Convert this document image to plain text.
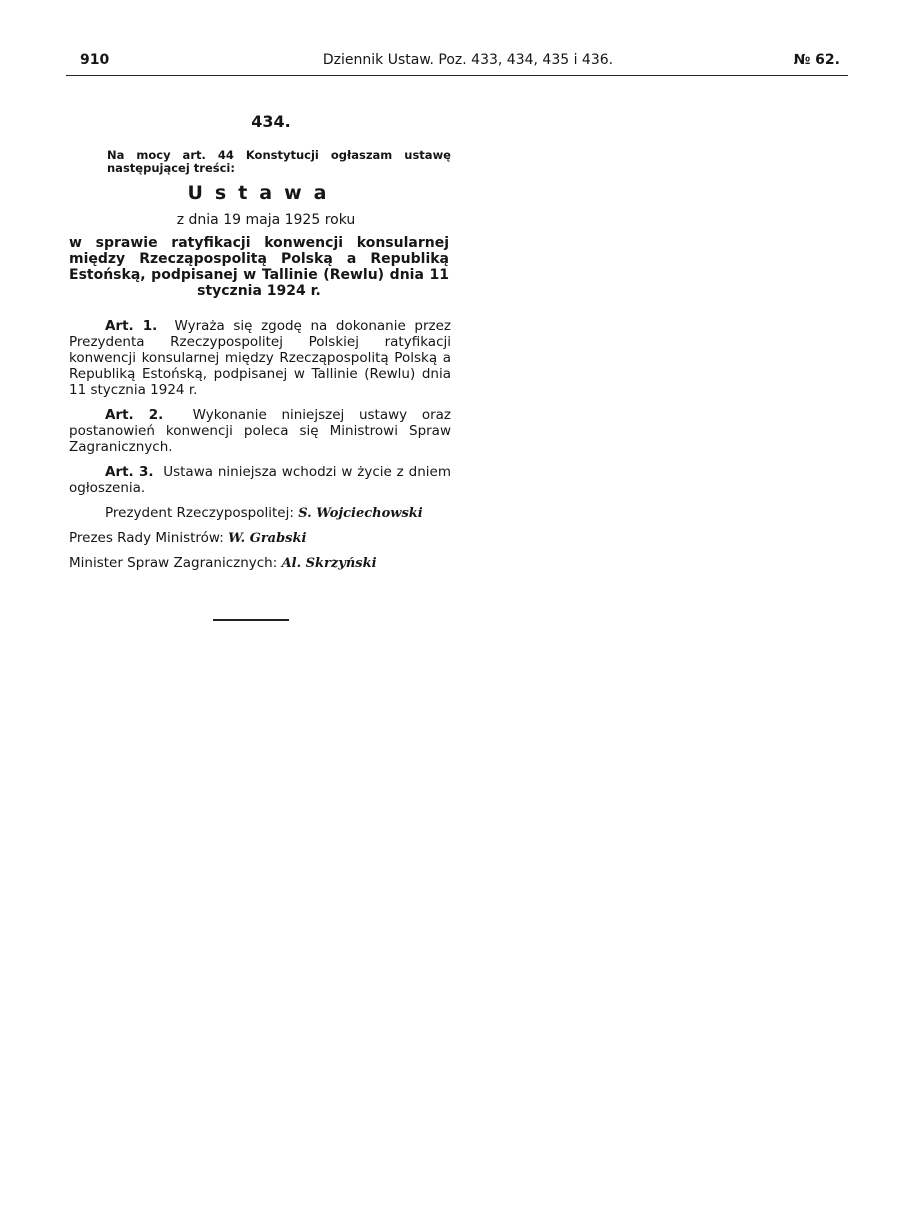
910	Dziennik Ustaw. Poz. 433, 434, 435 i 436.	№ 62.
434.
Na mocy art. 44 Konstytucji ogłaszam ustawę następującej treści:
Ustawa
z dnia 19 maja 1925 roku
w sprawie ratyfikacji konwencji konsularnej między Rzecząpospolitą Polską a Republiką Estońską, podpisanej w Tallinie (Rewlu) dnia 11 stycznia 1924 r.
Art. 1. Wyraża się zgodę na dokonanie przez Prezydenta Rzeczypospolitej Polskiej ratyfikacji konwencji konsularnej między Rzecząpospolitą Polską a Republiką Estońską, podpisanej w Tallinie (Rewlu) dnia 11 stycznia 1924 r.
Art. 2. Wykonanie niniejszej ustawy oraz postanowień konwencji poleca się Ministrowi Spraw Zagranicznych.
Art. 3. Ustawa niniejsza wchodzi w życie z dniem ogłoszenia.
Prezydent Rzeczypospolitej: S. Wojciechowski
Prezes Rady Ministrów: W. Grabski
Minister Spraw Zagranicznych: Al. Skrzyński
